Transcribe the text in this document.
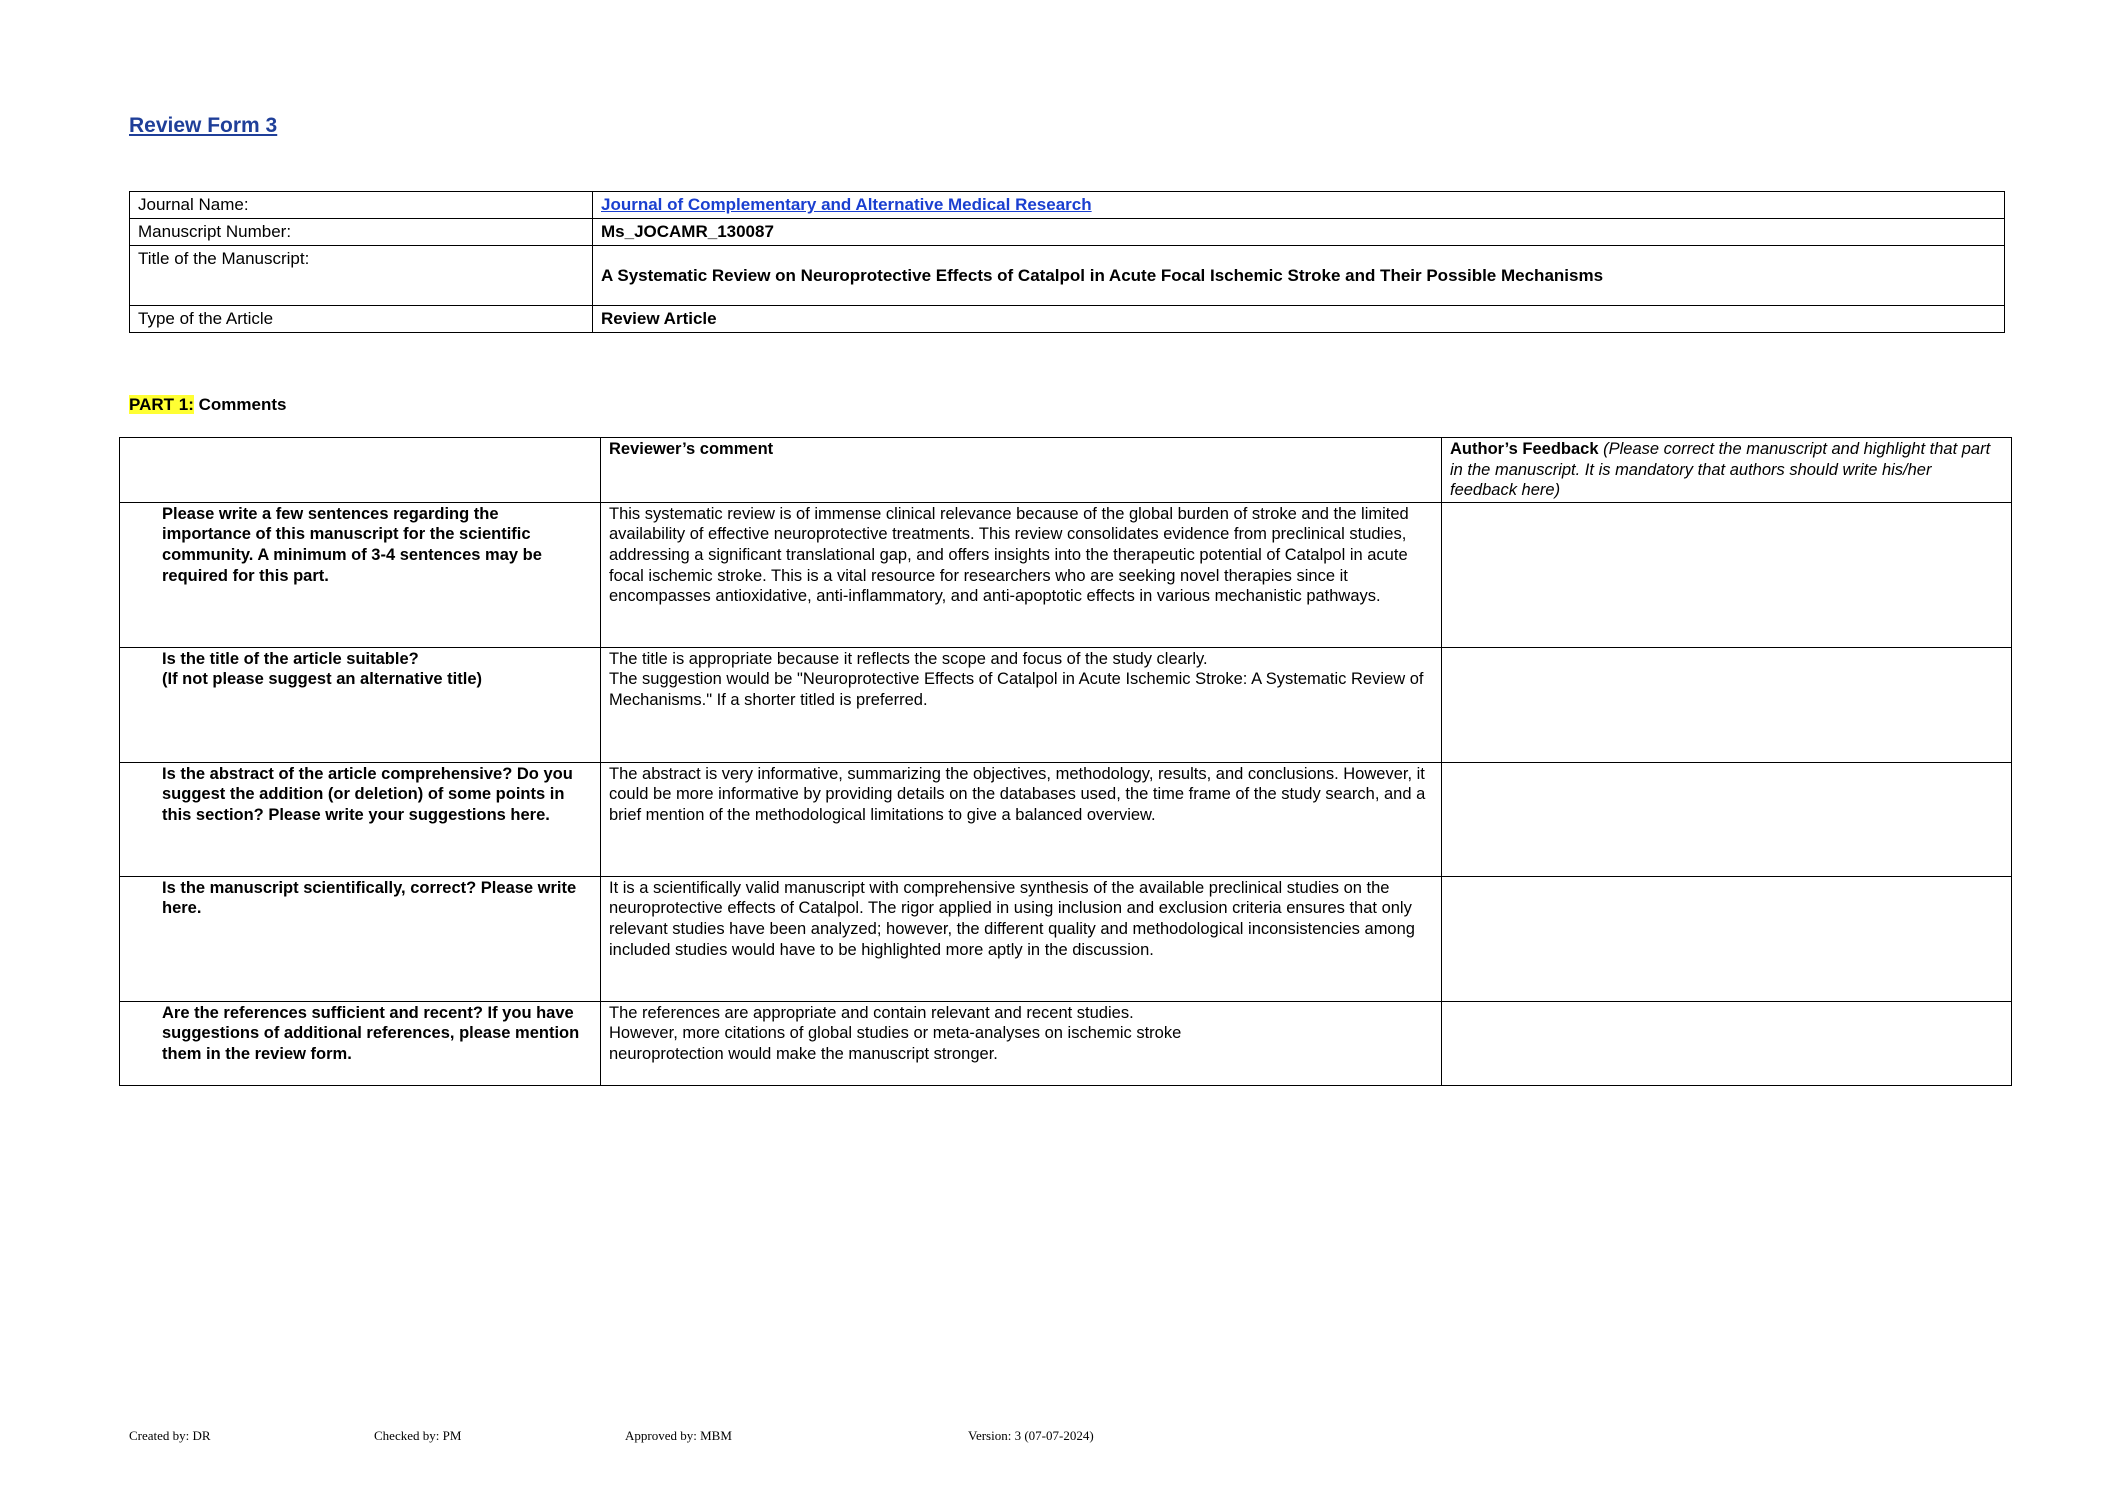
Review Form 3
Journal Name:	Journal of Complementary and Alternative Medical Research
Manuscript Number:	Ms_JOCAMR_130087
Title of the Manuscript:	A Systematic Review on Neuroprotective Effects of Catalpol in Acute Focal Ischemic Stroke and Their Possible Mechanisms
Type of the Article	Review Article
PART 1: Comments
	Reviewer’s comment	Author’s Feedback (Please correct the manuscript and highlight that part in the manuscript. It is mandatory that authors should write his/her feedback here)
Please write a few sentences regarding the importance of this manuscript for the scientific community. A minimum of 3-4 sentences may be required for this part.	This systematic review is of immense clinical relevance because of the global burden of stroke and the limited availability of effective neuroprotective treatments. This review consolidates evidence from preclinical studies, addressing a significant translational gap, and offers insights into the therapeutic potential of Catalpol in acute focal ischemic stroke. This is a vital resource for researchers who are seeking novel therapies since it encompasses antioxidative, anti-inflammatory, and anti-apoptotic effects in various mechanistic pathways.	
Is the title of the article suitable?
(If not please suggest an alternative title)	The title is appropriate because it reflects the scope and focus of the study clearly.
The suggestion would be "Neuroprotective Effects of Catalpol in Acute Ischemic Stroke: A Systematic Review of Mechanisms." If a shorter titled is preferred.	
Is the abstract of the article comprehensive? Do you suggest the addition (or deletion) of some points in this section? Please write your suggestions here.	The abstract is very informative, summarizing the objectives, methodology, results, and conclusions. However, it could be more informative by providing details on the databases used, the time frame of the study search, and a brief mention of the methodological limitations to give a balanced overview.	
Is the manuscript scientifically, correct? Please write here.	It is a scientifically valid manuscript with comprehensive synthesis of the available preclinical studies on the neuroprotective effects of Catalpol. The rigor applied in using inclusion and exclusion criteria ensures that only relevant studies have been analyzed; however, the different quality and methodological inconsistencies among included studies would have to be highlighted more aptly in the discussion.	
Are the references sufficient and recent? If you have suggestions of additional references, please mention them in the review form.	The references are appropriate and contain relevant and recent studies.
However, more citations of global studies or meta-analyses on ischemic stroke
neuroprotection would make the manuscript stronger.	
Created by: DR	Checked by: PM	Approved by: MBM	Version: 3 (07-07-2024)
